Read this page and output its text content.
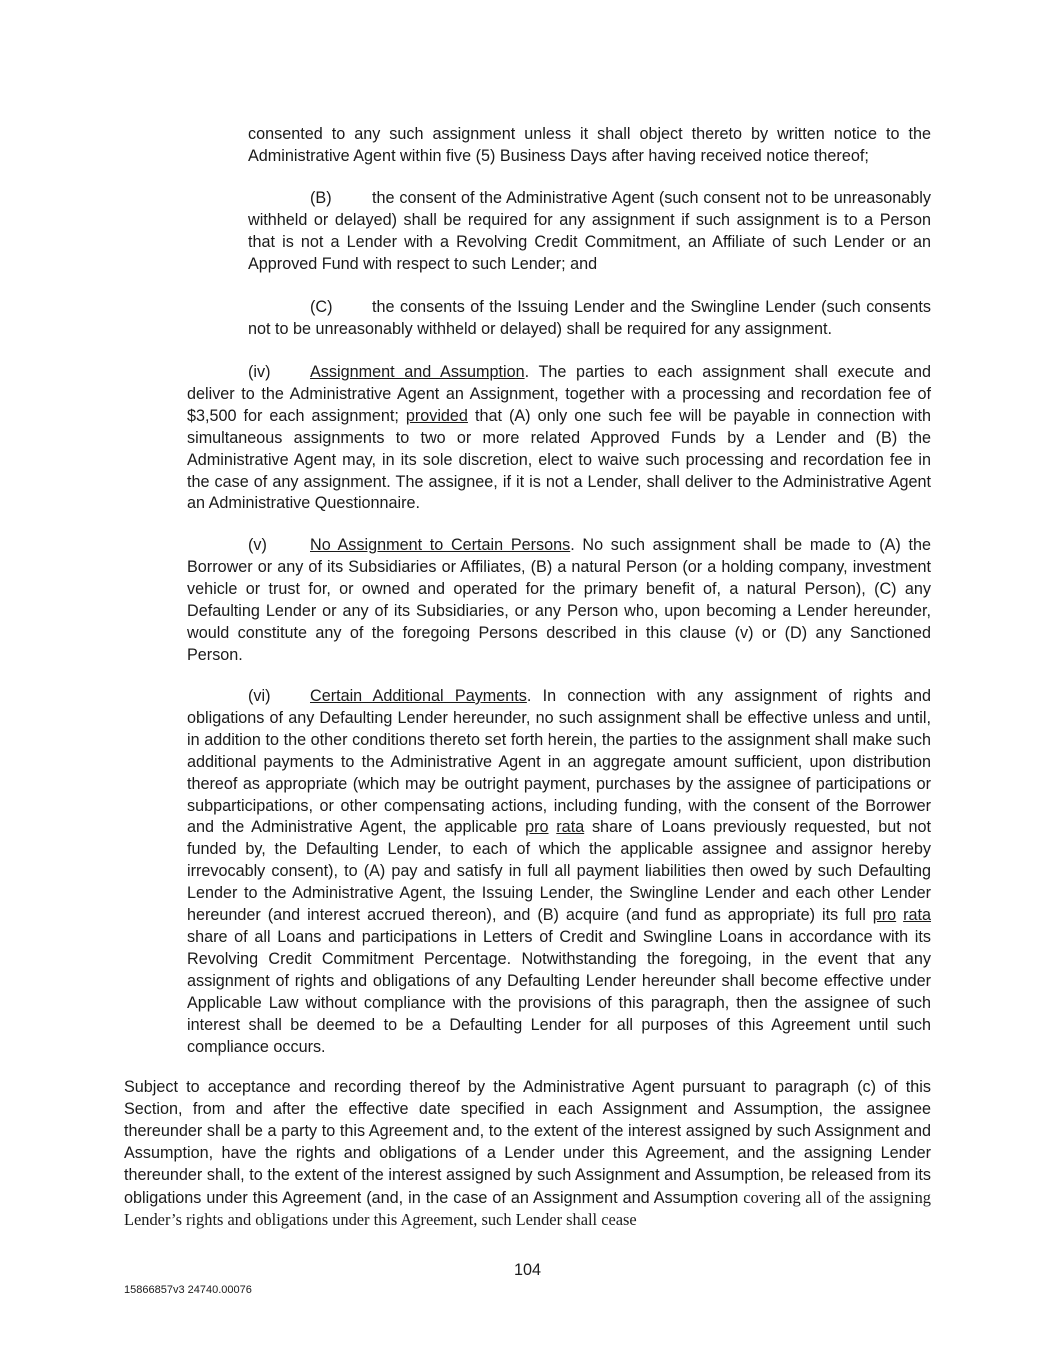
consented to any such assignment unless it shall object thereto by written notice to the Administrative Agent within five (5) Business Days after having received notice thereof;

(B) the consent of the Administrative Agent (such consent not to be unreasonably withheld or delayed) shall be required for any assignment if such assignment is to a Person that is not a Lender with a Revolving Credit Commitment, an Affiliate of such Lender or an Approved Fund with respect to such Lender; and

(C) the consents of the Issuing Lender and the Swingline Lender (such consents not to be unreasonably withheld or delayed) shall be required for any assignment.

(iv) Assignment and Assumption. The parties to each assignment shall execute and deliver to the Administrative Agent an Assignment, together with a processing and recordation fee of $3,500 for each assignment; provided that (A) only one such fee will be payable in connection with simultaneous assignments to two or more related Approved Funds by a Lender and (B) the Administrative Agent may, in its sole discretion, elect to waive such processing and recordation fee in the case of any assignment. The assignee, if it is not a Lender, shall deliver to the Administrative Agent an Administrative Questionnaire.

(v)	No Assignment to Certain Persons. No such assignment shall be made to (A) the Borrower or any of its Subsidiaries or Affiliates, (B) a natural Person (or a holding company, investment vehicle or trust for, or owned and operated for the primary benefit of, a natural Person), (C) any Defaulting Lender or any of its Subsidiaries, or any Person who, upon becoming a Lender hereunder, would constitute any of the foregoing Persons described in this clause (v) or (D) any Sanctioned Person.

(vi) Certain Additional Payments. In connection with any assignment of rights and obligations of any Defaulting Lender hereunder, no such assignment shall be effective unless and until, in addition to the other conditions thereto set forth herein, the parties to the assignment shall make such additional payments to the Administrative Agent in an aggregate amount sufficient, upon distribution thereof as appropriate (which may be outright payment, purchases by the assignee of participations or subparticipations, or other compensating actions, including funding, with the consent of the Borrower and the Administrative Agent, the applicable pro rata share of Loans previously requested, but not funded by, the Defaulting Lender, to each of which the applicable assignee and assignor hereby irrevocably consent), to (A) pay and satisfy in full all payment liabilities then owed by such Defaulting Lender to the Administrative Agent, the Issuing Lender, the Swingline Lender and each other Lender hereunder (and interest accrued thereon), and (B) acquire (and fund as appropriate) its full pro rata share of all Loans and participations in Letters of Credit and Swingline Loans in accordance with its Revolving Credit Commitment Percentage. Notwithstanding the foregoing, in the event that any assignment of rights and obligations of any Defaulting Lender hereunder shall become effective under Applicable Law without compliance with the provisions of this paragraph, then the assignee of such interest shall be deemed to be a Defaulting Lender for all purposes of this Agreement until such compliance occurs.

Subject to acceptance and recording thereof by the Administrative Agent pursuant to paragraph (c) of this Section, from and after the effective date specified in each Assignment and Assumption, the assignee thereunder shall be a party to this Agreement and, to the extent of the interest assigned by such Assignment and Assumption, have the rights and obligations of a Lender under this Agreement, and the assigning Lender thereunder shall, to the extent of the interest assigned by such Assignment and Assumption, be released from its obligations under this Agreement (and, in the case of an Assignment and Assumption covering all of the assigning Lender’s rights and obligations under this Agreement, such Lender shall cease

104
15866857v3 24740.00076
